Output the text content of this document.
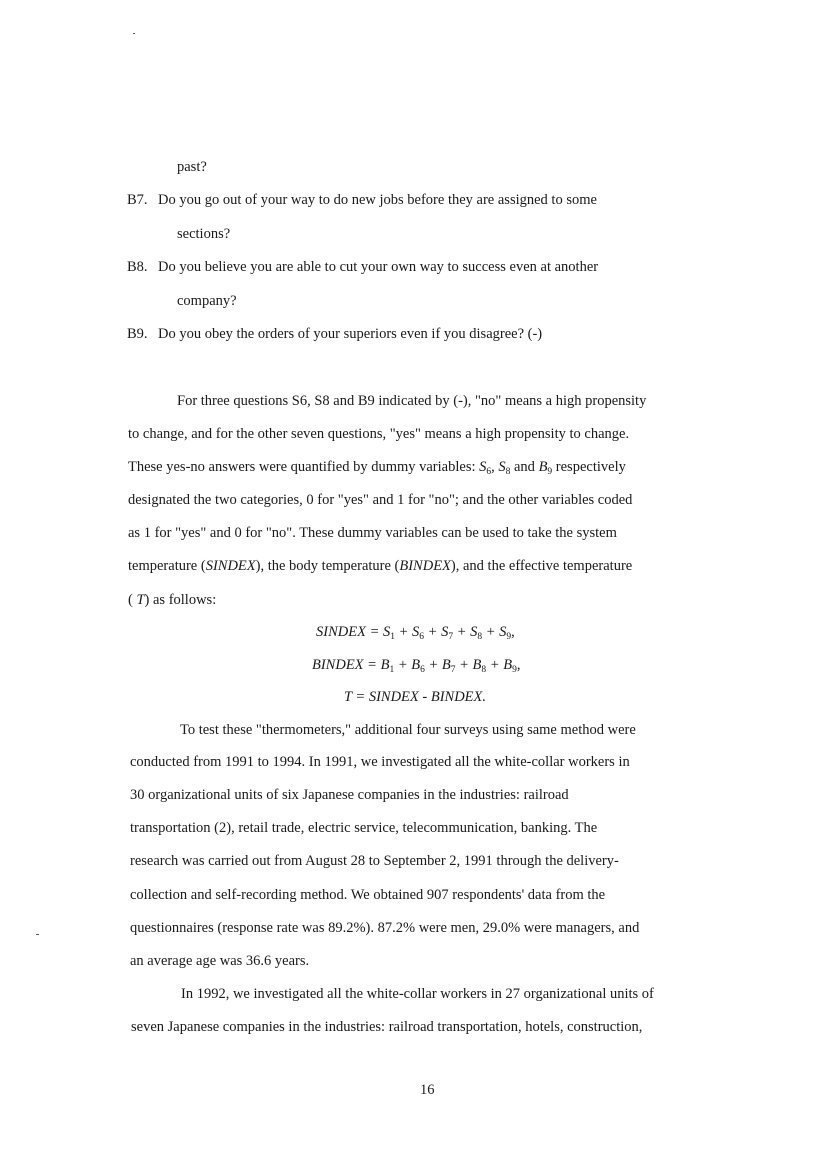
past?
B7. Do you go out of your way to do new jobs before they are assigned to some
sections?
B8. Do you believe you are able to cut your own way to success even at another
company?
B9. Do you obey the orders of your superiors even if you disagree? (-)
For three questions S6, S8 and B9 indicated by (-), "no" means a high propensity
to change, and for the other seven questions, "yes" means a high propensity to change.
These yes-no answers were quantified by dummy variables: $S_6$, $S_8$ and $B_9$ respectively
designated the two categories, 0 for "yes" and 1 for "no"; and the other variables coded
as 1 for "yes" and 0 for "no". These dummy variables can be used to take the system
temperature (SINDEX), the body temperature (BINDEX), and the effective temperature
( T) as follows:
SINDEX = $S_1 + S_6 + S_7 + S_8 + S_9$,
BINDEX = $B_1 + B_6 + B_7 + B_8 + B_9$,
T = SINDEX - BINDEX.
To test these "thermometers," additional four surveys using same method were
conducted from 1991 to 1994. In 1991, we investigated all the white-collar workers in
30 organizational units of six Japanese companies in the industries: railroad
transportation (2), retail trade, electric service, telecommunication, banking. The
research was carried out from August 28 to September 2, 1991 through the delivery-
collection and self-recording method. We obtained 907 respondents' data from the
questionnaires (response rate was 89.2%). 87.2% were men, 29.0% were managers, and
an average age was 36.6 years.
In 1992, we investigated all the white-collar workers in 27 organizational units of
seven Japanese companies in the industries: railroad transportation, hotels, construction,
16
